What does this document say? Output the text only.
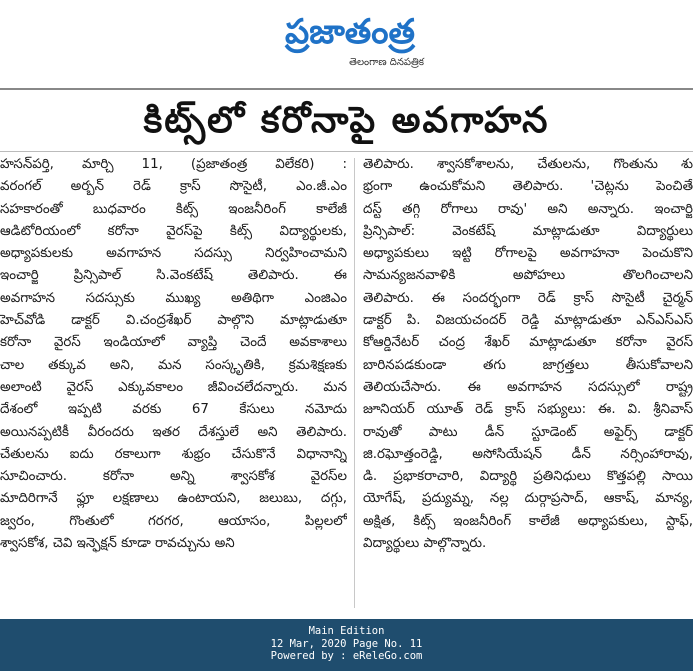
ప్రజాతంత్ర
తెలంగాణ దినపత్రిక
కిట్స్‌లో కరోనాపై అవగాహన
హసన్‌పర్తి, మార్చి 11, (ప్రజాతంత్ర విలేకరి) :
వరంగల్ అర్బన్ రెడ్ క్రాస్ సొసైటీ, ఎం.జీ.ఎం
సహకారంతో బుధవారం కిట్స్ ఇంజనీరింగ్ కాలేజీ
ఆడిటోరియంలో కరోనా వైరస్‌పై కిట్స్ విద్యార్థులకు,
అధ్యాపకులకు అవగాహన సదస్సు నిర్వహించామని
ఇంచార్జి ప్రిన్సిపాల్ సి.వెంకటేష్ తెలిపారు. ఈ
అవగాహన సదస్సుకు ముఖ్య అతిథిగా ఎంజిఎం
హెచ్‌వోడి డాక్టర్ వి.చంద్రశేఖర్ పాల్గొని మాట్లాడుతూ
కరోనా వైరస్ ఇండియాలో వ్యాప్తి చెందే అవకాశాలు
చాల తక్కువ అని, మన సంస్కృతికి, క్రమశిక్షణకు
అలాంటి వైరస్ ఎక్కువకాలం జీవించలేదన్నారు. మన
దేశంలో ఇప్పటి వరకు 67 కేసులు నమోదు
అయినప్పటికీ వీరందరు ఇతర దేశస్తులే అని తెలిపారు.
చేతులను ఐదు రకాలుగా శుభ్రం చేసుకొనే విధానాన్ని
సూచించారు. కరోనా అన్ని శ్వాసకోశ వైరస్‌ల
మాదిరిగానే ఫ్లూ లక్షణాలు ఉంటాయని, జలుబు, దగ్గు,
జ్వరం, గొంతులో గరగర, ఆయాసం, పిల్లలలో
శ్వాసకోశ, చెవి ఇన్ఫెక్షన్ కూడా రావచ్చును అని
తెలిపారు. శ్వాసకోశాలను, చేతులను, గొంతును శు
భ్రంగా ఉంచుకోమని తెలిపారు. 'చెట్లను పెంచితే
దస్ట్ తగ్గి రోగాలు రావు' అని అన్నారు. ఇంచార్జి
ప్రిన్సిపాల్: వెంకటేష్ మాట్లాడుతూ విద్యార్థులు
అధ్యాపకులు ఇట్టి రోగాలపై అవగాహనా పెంచుకొని
సామన్యజనవాళికి అపోహలు తొలగించాలని
తెలిపారు. ఈ సందర్భంగా రెడ్ క్రాస్ సొసైటీ చైర్మన్
డాక్టర్ పి. విజయచందర్ రెడ్డి మాట్లాడుతూ ఎన్ఎస్ఎస్
కోఆర్డినేటర్ చంద్ర శేఖర్ మాట్లాడుతూ కరోనా వైరస్
బారినపడకుండా తగు జాగ్రత్తలు తీసుకోవాలని
తెలియచేసారు. ఈ అవగాహన సదస్సులో రాష్ట్ర
జూనియర్ యూత్ రెడ్ క్రాస్ సభ్యులు: ఈ. వి. శ్రీనివాస్
రావుతో పాటు డీన్ స్టూడెంట్ అఫైర్స్ డాక్టర్
జి.రఘోత్తంరెడ్డి, అసోసియేషన్ డీన్ నర్సింహారావు,
డి. ప్రభాకరాచారి, విద్యార్థి ప్రతినిధులు కొత్తపల్లి సాయి
యోగేష్, ప్రద్యుమ్న, నల్ల దుర్గాప్రసాద్, ఆకాష్, మాన్య,
అక్షిత, కిట్స్ ఇంజనీరింగ్ కాలేజీ అధ్యాపకులు, స్టాఫ్,
విద్యార్థులు పాల్గొన్నారు.
Main Edition
12 Mar, 2020 Page No. 11
Powered by : eReleGo.com
